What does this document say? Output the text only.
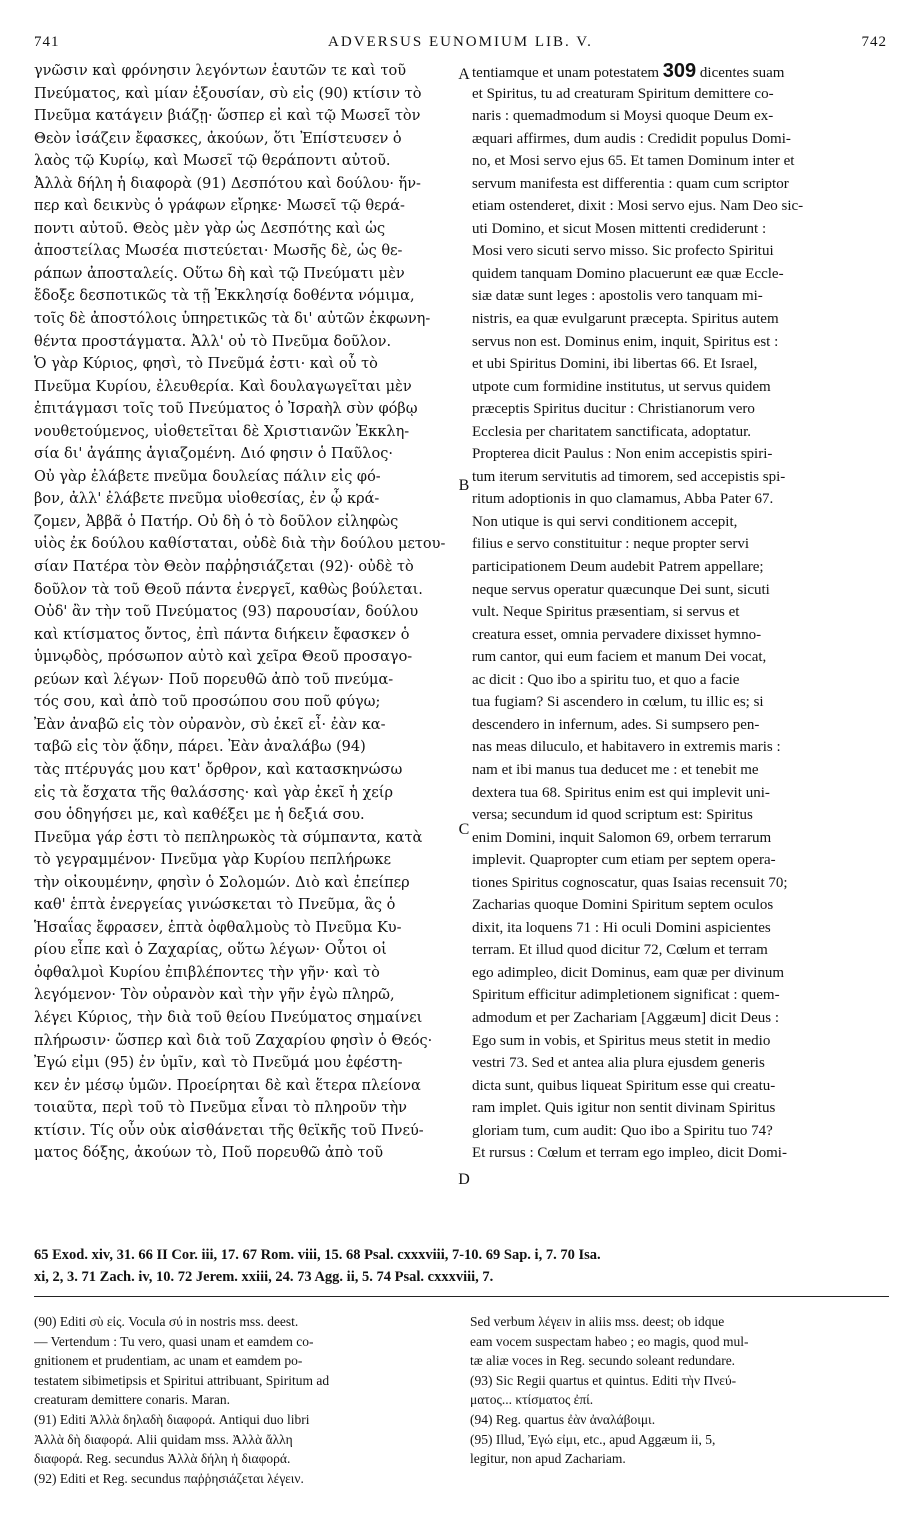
741	ADVERSUS EUNOMIUM LIB. V.	742
γνῶσιν καὶ φρόνησιν λεγόντων ἑαυτῶν τε καὶ τοῦ
Πνεύματος, καὶ μίαν ἐξουσίαν, σὺ εἰς (90) κτίσιν τὸ
Πνεῦμα κατάγειν βιάζῃ· ὥσπερ εἰ καὶ τῷ Μωσεῖ τὸν
Θεὸν ἰσάζειν ἔφασκες, ἀκούων, ὅτι Ἐπίστευσεν ὁ
λαὸς τῷ Κυρίῳ, καὶ Μωσεῖ τῷ θεράποντι αὐτοῦ.
Ἀλλὰ δήλη ἡ διαφορὰ (91) Δεσπότου καὶ δούλου· ἥν-
περ καὶ δεικνὺς ὁ γράφων εἴρηκε· Μωσεῖ τῷ θερά-
ποντι αὐτοῦ. Θεὸς μὲν γὰρ ὡς Δεσπότης καὶ ὡς
ἀποστείλας Μωσέα πιστεύεται· Μωσῆς δὲ, ὡς θε-
ράπων ἀποσταλείς. Οὕτω δὴ καὶ τῷ Πνεύματι μὲν
ἔδοξε δεσποτικῶς τὰ τῇ Ἐκκλησίᾳ δοθέντα νόμιμα,
τοῖς δὲ ἀποστόλοις ὑπηρετικῶς τὰ δι' αὐτῶν ἐκφωνη-
θέντα προστάγματα. Ἀλλ' οὐ τὸ Πνεῦμα δοῦλον.
Ὁ γὰρ Κύριος, φησὶ, τὸ Πνεῦμά ἐστι· καὶ οὗ τὸ
Πνεῦμα Κυρίου, ἐλευθερία. Καὶ δουλαγωγεῖται μὲν
ἐπιτάγμασι τοῖς τοῦ Πνεύματος ὁ Ἰσραὴλ σὺν φόβῳ
νουθετούμενος, υἱοθετεῖται δὲ Χριστιανῶν Ἐκκλη-
σία δι' ἀγάπης ἁγιαζομένη. Διό φησιν ὁ Παῦλος·
Οὐ γὰρ ἐλάβετε πνεῦμα δουλείας πάλιν εἰς φό-
βον, ἀλλ' ἐλάβετε πνεῦμα υἱοθεσίας, ἐν ᾧ κρά-
ζομεν, Ἀββᾶ ὁ Πατήρ. Οὐ δὴ ὁ τὸ δοῦλον εἰληφὼς
υἱὸς ἐκ δούλου καθίσταται, οὐδὲ διὰ τὴν δούλου μετου-
σίαν Πατέρα τὸν Θεὸν παῤῥησιάζεται (92)· οὐδὲ τὸ
δοῦλον τὰ τοῦ Θεοῦ πάντα ἐνεργεῖ, καθὼς βούλεται.
Οὐδ' ἂν τὴν τοῦ Πνεύματος (93) παρουσίαν, δούλου
καὶ κτίσματος ὄντος, ἐπὶ πάντα διήκειν ἔφασκεν ὁ
ὑμνῳδὸς, πρόσωπον αὐτὸ καὶ χεῖρα Θεοῦ προσαγο-
ρεύων καὶ λέγων· Ποῦ πορευθῶ ἀπὸ τοῦ πνεύμα-
τός σου, καὶ ἀπὸ τοῦ προσώπου σου ποῦ φύγω;
Ἐὰν ἀναβῶ εἰς τὸν οὐρανὸν, σὺ ἐκεῖ εἶ· ἐὰν κα-
ταβῶ εἰς τὸν ᾅδην, πάρει. Ἐὰν ἀναλάβω (94)
τὰς πτέρυγάς μου κατ' ὄρθρον, καὶ κατασκηνώσω
εἰς τὰ ἔσχατα τῆς θαλάσσης· καὶ γὰρ ἐκεῖ ἡ χείρ
σου ὁδηγήσει με, καὶ καθέξει με ἡ δεξιά σου.
Πνεῦμα γάρ ἐστι τὸ πεπληρωκὸς τὰ σύμπαντα, κατὰ
τὸ γεγραμμένον· Πνεῦμα γὰρ Κυρίου πεπλήρωκε
τὴν οἰκουμένην, φησὶν ὁ Σολομών. Διὸ καὶ ἐπείπερ
καθ' ἑπτὰ ἐνεργείας γινώσκεται τὸ Πνεῦμα, ἃς ὁ
Ἡσαΐας ἔφρασεν, ἑπτὰ ὀφθαλμοὺς τὸ Πνεῦμα Κυ-
ρίου εἶπε καὶ ὁ Ζαχαρίας, οὕτω λέγων· Οὗτοι οἱ
ὀφθαλμοὶ Κυρίου ἐπιβλέποντες τὴν γῆν· καὶ τὸ
λεγόμενον· Τὸν οὐρανὸν καὶ τὴν γῆν ἐγὼ πληρῶ,
λέγει Κύριος, τὴν διὰ τοῦ θείου Πνεύματος σημαίνει
πλήρωσιν· ὥσπερ καὶ διὰ τοῦ Ζαχαρίου φησὶν ὁ Θεός·
Ἐγώ εἰμι (95) ἐν ὑμῖν, καὶ τὸ Πνεῦμά μου ἐφέστη-
κεν ἐν μέσῳ ὑμῶν. Προείρηται δὲ καὶ ἕτερα πλείονα
τοιαῦτα, περὶ τοῦ τὸ Πνεῦμα εἶναι τὸ πληροῦν τὴν
κτίσιν. Τίς οὖν οὐκ αἰσθάνεται τῆς θεϊκῆς τοῦ Πνεύ-
ματος δόξης, ἀκούων τὸ, Ποῦ πορευθῶ ἀπὸ τοῦ
A
B
C
D
tentiamque et unam potestatem 309 dicentes suam
et Spiritus, tu ad creaturam Spiritum demittere co-
naris : quemadmodum si Moysi quoque Deum ex-
æquari affirmes, dum audis : Credidit populus Domi-
no, et Mosi servo ejus 65. Et tamen Dominum inter et
servum manifesta est differentia : quam cum scriptor
etiam ostenderet, dixit : Mosi servo ejus. Nam Deo sic-
uti Domino, et sicut Mosen mittenti crediderunt :
Mosi vero sicuti servo misso. Sic profecto Spiritui
quidem tanquam Domino placuerunt eæ quæ Eccle-
siæ datæ sunt leges : apostolis vero tanquam mi-
nistris, ea quæ evulgarunt præcepta. Spiritus autem
servus non est. Dominus enim, inquit, Spiritus est :
et ubi Spiritus Domini, ibi libertas 66. Et Israel,
utpote cum formidine institutus, ut servus quidem
præceptis Spiritus ducitur : Christianorum vero
Ecclesia per charitatem sanctificata, adoptatur.
Propterea dicit Paulus : Non enim accepistis spiri-
tum iterum servitutis ad timorem, sed accepistis spi-
ritum adoptionis in quo clamamus, Abba Pater 67.
Non utique is qui servi conditionem accepit,
filius e servo constituitur : neque propter servi
participationem Deum audebit Patrem appellare;
neque servus operatur quæcunque Dei sunt, sicuti
vult. Neque Spiritus præsentiam, si servus et
creatura esset, omnia pervadere dixisset hymno-
rum cantor, qui eum faciem et manum Dei vocat,
ac dicit : Quo ibo a spiritu tuo, et quo a facie
tua fugiam? Si ascendero in cœlum, tu illic es; si
descendero in infernum, ades. Si sumpsero pen-
nas meas diluculo, et habitavero in extremis maris :
nam et ibi manus tua deducet me : et tenebit me
dextera tua 68. Spiritus enim est qui implevit uni-
versa; secundum id quod scriptum est: Spiritus
enim Domini, inquit Salomon 69, orbem terrarum
implevit. Quapropter cum etiam per septem opera-
tiones Spiritus cognoscatur, quas Isaias recensuit 70;
Zacharias quoque Domini Spiritum septem oculos
dixit, ita loquens 71 : Hi oculi Domini aspicientes
terram. Et illud quod dicitur 72, Cœlum et terram
ego adimpleo, dicit Dominus, eam quæ per divinum
Spiritum efficitur adimpletionem significat : quem-
admodum et per Zachariam [Aggæum] dicit Deus :
Ego sum in vobis, et Spiritus meus stetit in medio
vestri 73. Sed et antea alia plura ejusdem generis
dicta sunt, quibus liqueat Spiritum esse qui creatu-
ram implet. Quis igitur non sentit divinam Spiritus
gloriam tum, cum audit: Quo ibo a Spiritu tuo 74?
Et rursus : Cœlum et terram ego impleo, dicit Domi-
65 Exod. xiv, 31. 66 II Cor. iii, 17. 67 Rom. viii, 15. 68 Psal. cxxxviii, 7-10. 69 Sap. i, 7. 70 Isa.
xi, 2, 3. 71 Zach. iv, 10. 72 Jerem. xxiii, 24. 73 Agg. ii, 5. 74 Psal. cxxxviii, 7.
(90) Editi σὺ εἰς. Vocula σύ in nostris mss. deest.
— Vertendum : Tu vero, quasi unam et eamdem co-
gnitionem et prudentiam, ac unam et eamdem po-
testatem sibimetipsis et Spiritui attribuant, Spiritum ad
creaturam demittere conaris. Maran.
(91) Editi Ἀλλὰ δηλαδὴ διαφορά. Antiqui duo libri
Ἀλλὰ δὴ διαφορά. Alii quidam mss. Ἀλλὰ ἄλλη
διαφορά. Reg. secundus Ἀλλὰ δήλη ἡ διαφορά.
(92) Editi et Reg. secundus παῤῥησιάζεται λέγειν.
Sed verbum λέγειν in aliis mss. deest; ob idque
eam vocem suspectam habeo ; eo magis, quod mul-
tæ aliæ voces in Reg. secundo soleant redundare.
(93) Sic Regii quartus et quintus. Editi τὴν Πνεύ-
ματος... κτίσματος ἐπί.
(94) Reg. quartus ἐὰν ἀναλάβοιμι.
(95) Illud, Ἐγώ εἰμι, etc., apud Aggæum ii, 5,
legitur, non apud Zachariam.
